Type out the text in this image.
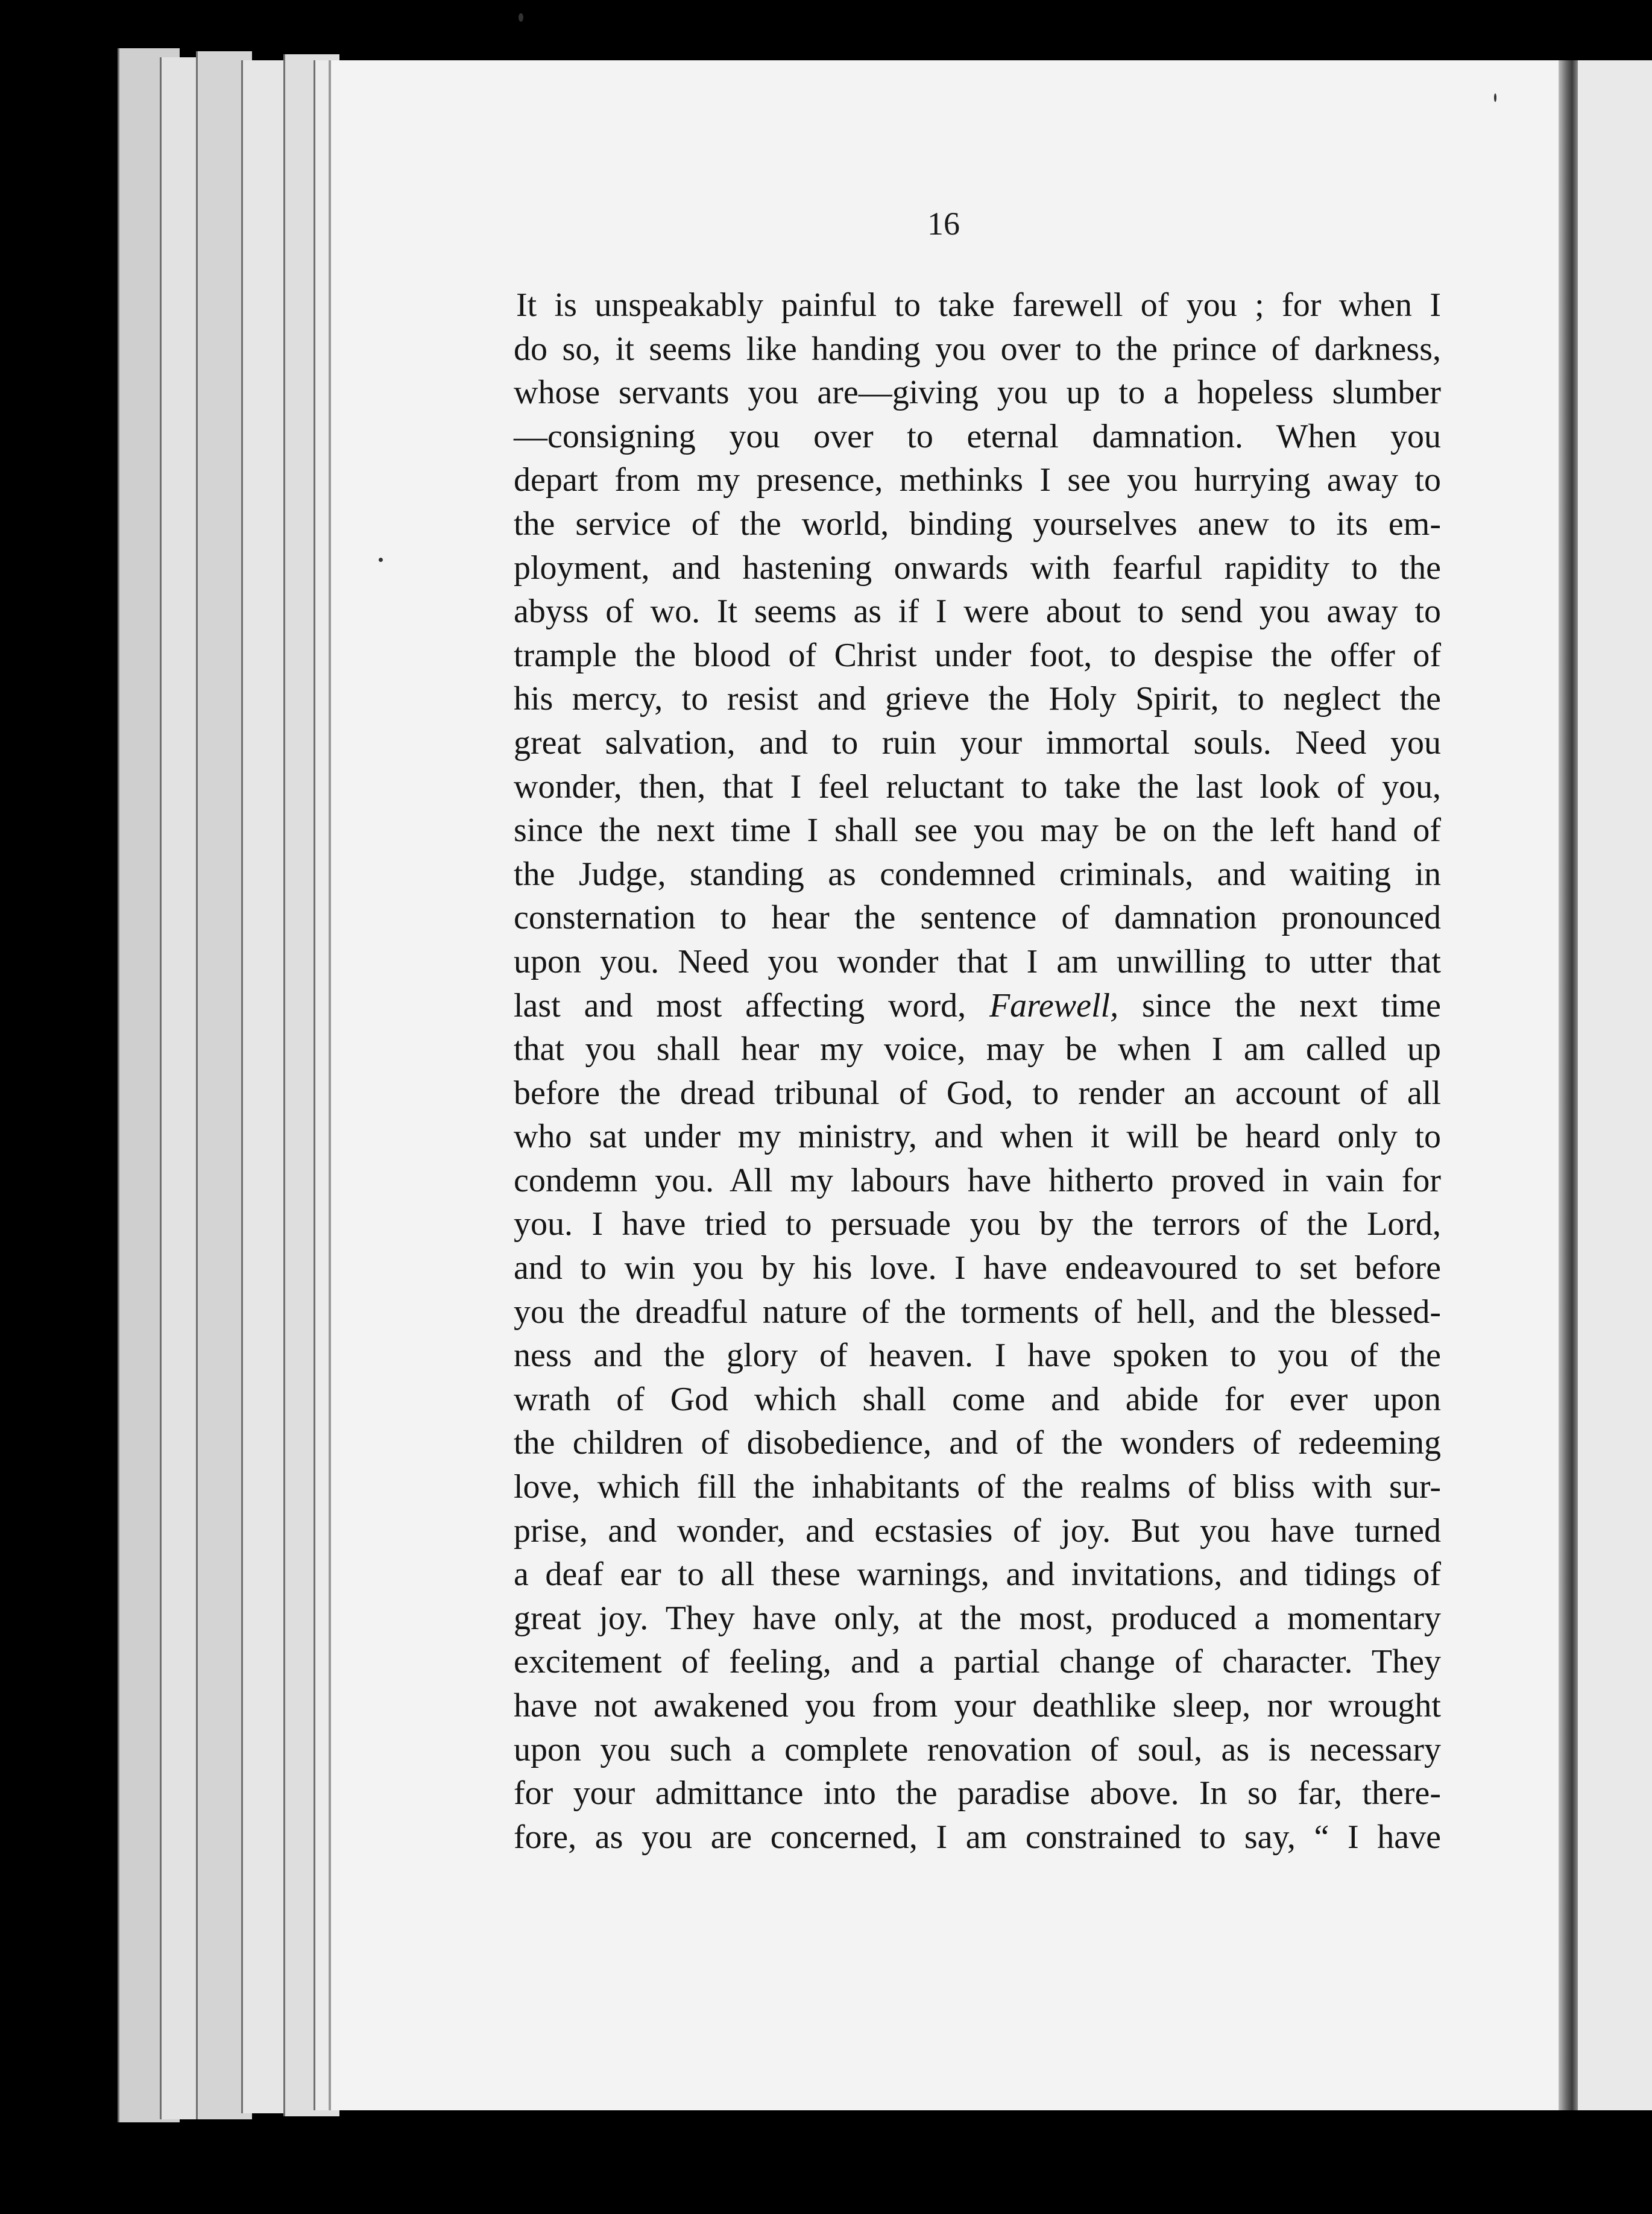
16
It is unspeakably painful to take farewell of you ; for when I
do so, it seems like handing you over to the prince of darkness,
whose servants you are—giving you up to a hopeless slumber
—consigning you over to eternal damnation. When you
depart from my presence, methinks I see you hurrying away to
the service of the world, binding yourselves anew to its em-
ployment, and hastening onwards with fearful rapidity to the
abyss of wo. It seems as if I were about to send you away to
trample the blood of Christ under foot, to despise the offer of
his mercy, to resist and grieve the Holy Spirit, to neglect the
great salvation, and to ruin your immortal souls. Need you
wonder, then, that I feel reluctant to take the last look of you,
since the next time I shall see you may be on the left hand of
the Judge, standing as condemned criminals, and waiting in
consternation to hear the sentence of damnation pronounced
upon you. Need you wonder that I am unwilling to utter that
last and most affecting word, Farewell, since the next time
that you shall hear my voice, may be when I am called up
before the dread tribunal of God, to render an account of all
who sat under my ministry, and when it will be heard only to
condemn you. All my labours have hitherto proved in vain for
you. I have tried to persuade you by the terrors of the Lord,
and to win you by his love. I have endeavoured to set before
you the dreadful nature of the torments of hell, and the blessed-
ness and the glory of heaven. I have spoken to you of the
wrath of God which shall come and abide for ever upon
the children of disobedience, and of the wonders of redeeming
love, which fill the inhabitants of the realms of bliss with sur-
prise, and wonder, and ecstasies of joy. But you have turned
a deaf ear to all these warnings, and invitations, and tidings of
great joy. They have only, at the most, produced a momentary
excitement of feeling, and a partial change of character. They
have not awakened you from your deathlike sleep, nor wrought
upon you such a complete renovation of soul, as is necessary
for your admittance into the paradise above. In so far, there-
fore, as you are concerned, I am constrained to say, “ I have
